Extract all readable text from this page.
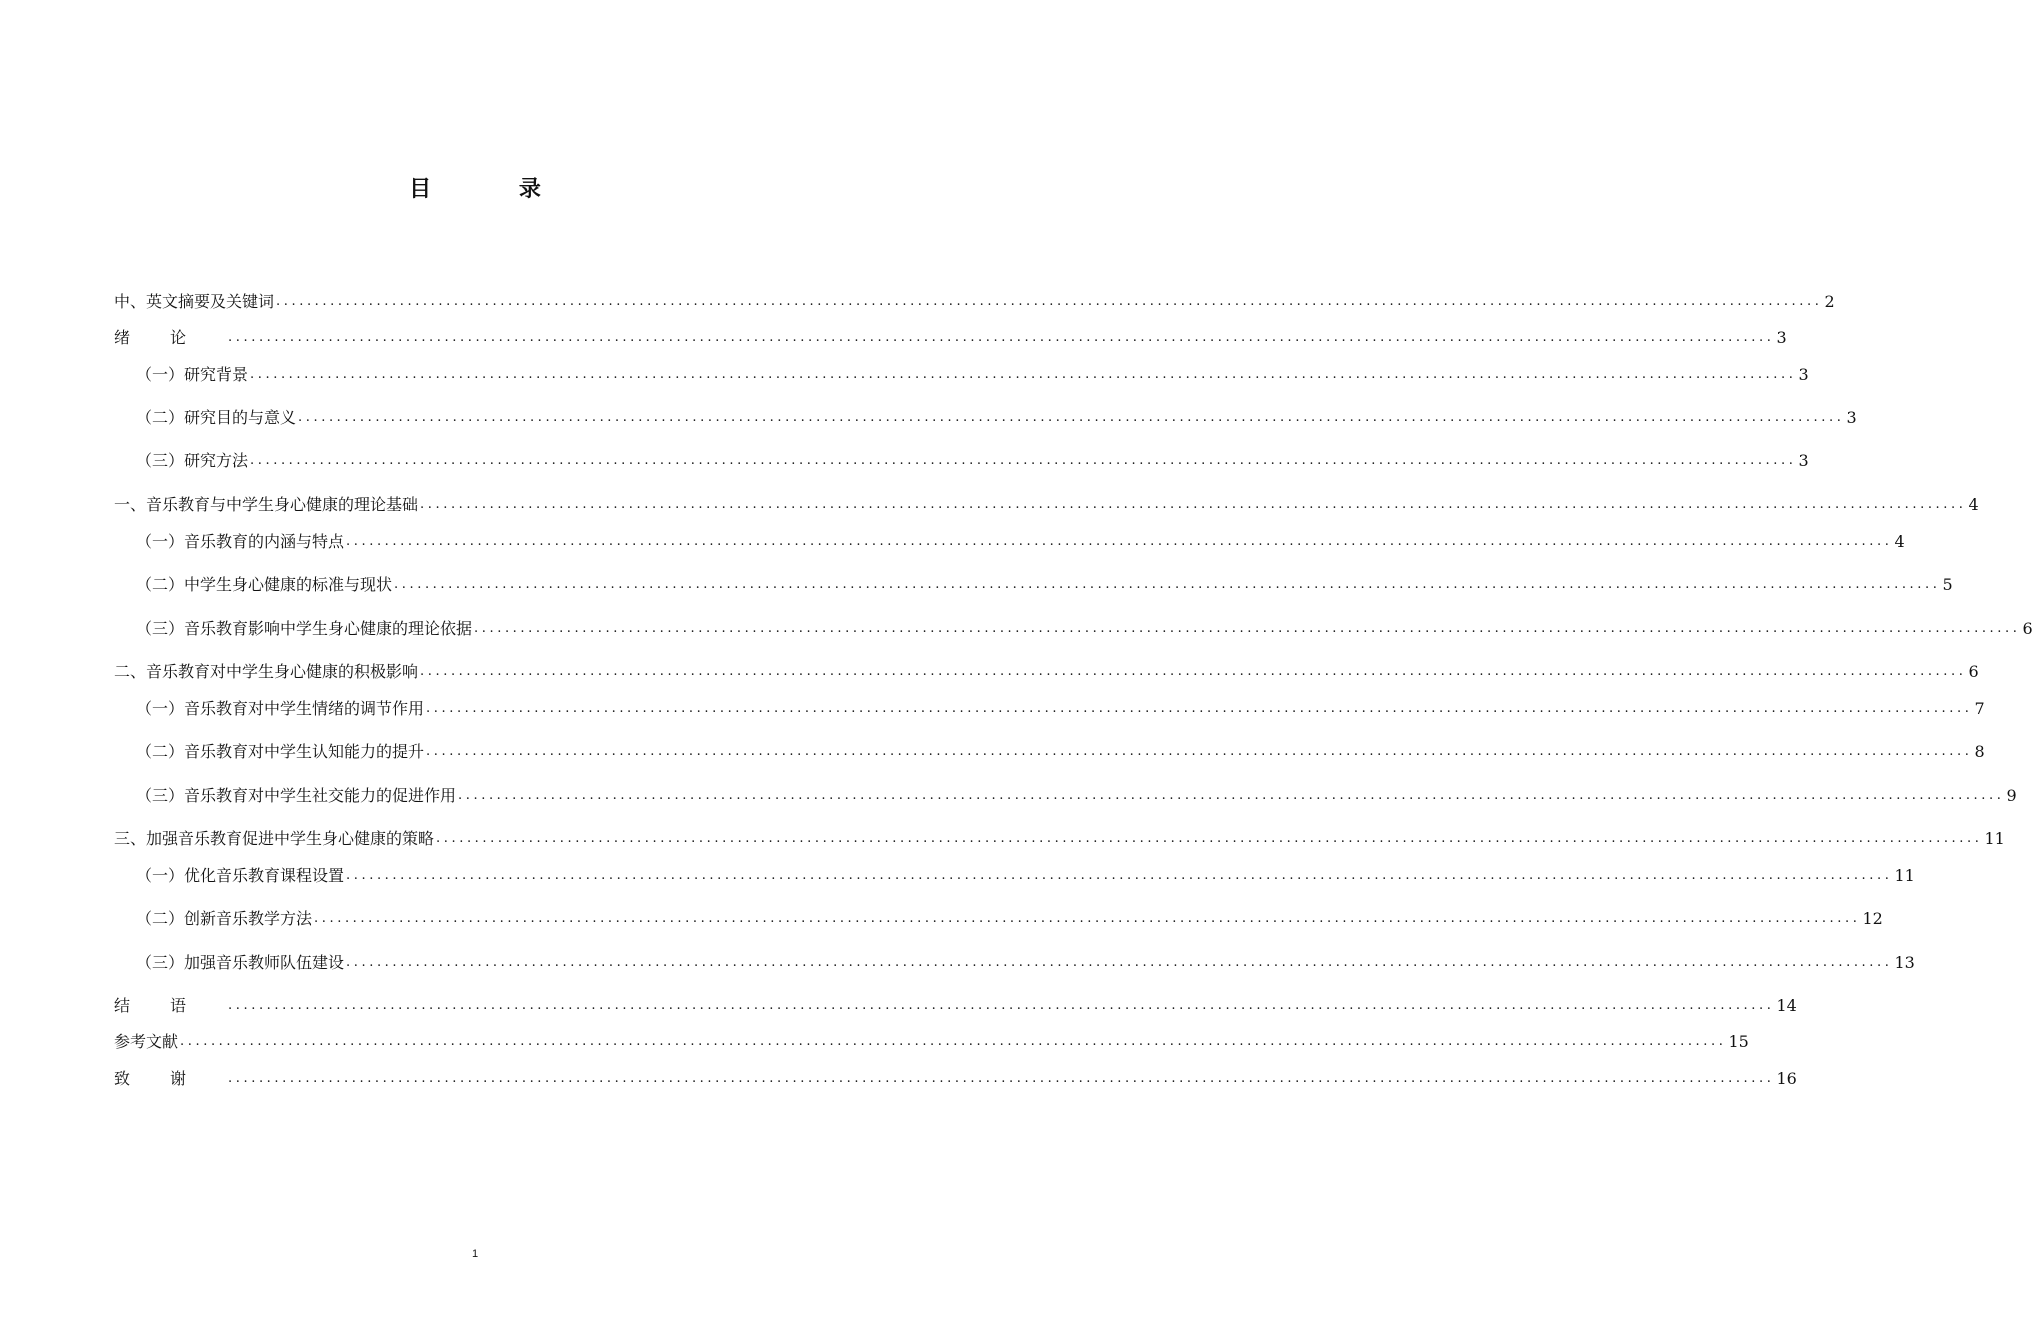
目 录
中、英文摘要及关键词 ........................................................................................................................................................................................................ 2
绪论 ........................................................................................................................................................................................................ 3
（一）研究背景 ........................................................................................................................................................................................................ 3
（二）研究目的与意义 ........................................................................................................................................................................................................ 3
（三）研究方法 ........................................................................................................................................................................................................ 3
一、音乐教育与中学生身心健康的理论基础 ........................................................................................................................................................................................................ 4
（一）音乐教育的内涵与特点 ........................................................................................................................................................................................................ 4
（二）中学生身心健康的标准与现状 ........................................................................................................................................................................................................ 5
（三）音乐教育影响中学生身心健康的理论依据 ........................................................................................................................................................................................................ 6
二、音乐教育对中学生身心健康的积极影响 ........................................................................................................................................................................................................ 6
（一）音乐教育对中学生情绪的调节作用 ........................................................................................................................................................................................................ 7
（二）音乐教育对中学生认知能力的提升 ........................................................................................................................................................................................................ 8
（三）音乐教育对中学生社交能力的促进作用 ........................................................................................................................................................................................................ 9
三、加强音乐教育促进中学生身心健康的策略 ........................................................................................................................................................................................................ 11
（一）优化音乐教育课程设置 ........................................................................................................................................................................................................ 11
（二）创新音乐教学方法 ........................................................................................................................................................................................................ 12
（三）加强音乐教师队伍建设 ........................................................................................................................................................................................................ 13
结语 ........................................................................................................................................................................................................ 14
参考文献 ........................................................................................................................................................................................................ 15
致谢 ........................................................................................................................................................................................................ 16
1
